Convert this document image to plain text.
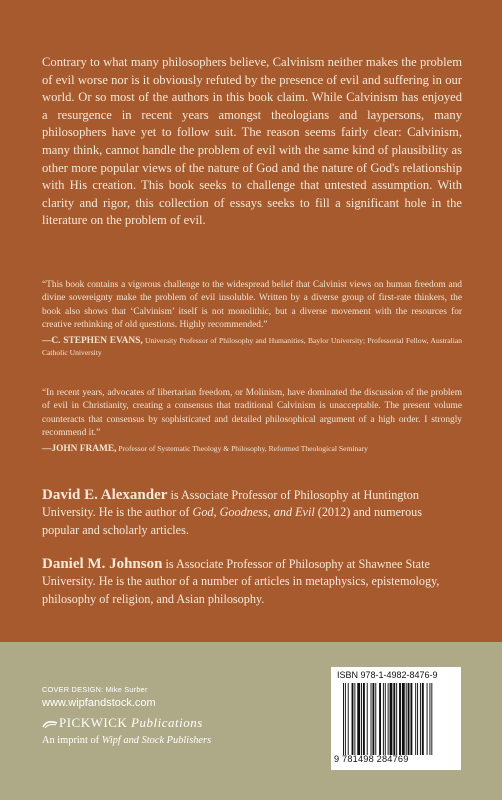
Contrary to what many philosophers believe, Calvinism neither makes the problem of evil worse nor is it obviously refuted by the presence of evil and suffering in our world. Or so most of the authors in this book claim. While Calvinism has enjoyed a resurgence in recent years amongst theologians and laypersons, many philosophers have yet to follow suit. The reason seems fairly clear: Calvinism, many think, cannot handle the problem of evil with the same kind of plausibility as other more popular views of the nature of God and the nature of God's relationship with His creation. This book seeks to challenge that untested assumption. With clarity and rigor, this collection of essays seeks to fill a significant hole in the literature on the problem of evil.

“This book contains a vigorous challenge to the widespread belief that Calvinist views on human freedom and divine sovereignty make the problem of evil insoluble. Written by a diverse group of first-rate thinkers, the book also shows that ‘Calvinism’ itself is not monolithic, but a diverse movement with the resources for creative rethinking of old questions. Highly recommended.”
—C. STEPHEN EVANS, University Professor of Philosophy and Humanities, Baylor University; Professorial Fellow, Australian Catholic University
“In recent years, advocates of libertarian freedom, or Molinism, have dominated the discussion of the problem of evil in Christianity, creating a consensus that traditional Calvinism is unacceptable. The present volume counteracts that consensus by sophisticated and detailed philosophical argument of a high order. I strongly recommend it.”
—JOHN FRAME, Professor of Systematic Theology & Philosophy, Reformed Theological Seminary
David E. Alexander is Associate Professor of Philosophy at Huntington University. He is the author of God, Goodness, and Evil (2012) and numerous popular and scholarly articles.
Daniel M. Johnson is Associate Professor of Philosophy at Shawnee State University. He is the author of a number of articles in metaphysics, epistemology, philosophy of religion, and Asian philosophy.
COVER DESIGN: Mike Surber
www.wipfandstock.com
PICKWICK Publications
An imprint of Wipf and Stock Publishers
ISBN 978-1-4982-8476-9
9 781498 284769
